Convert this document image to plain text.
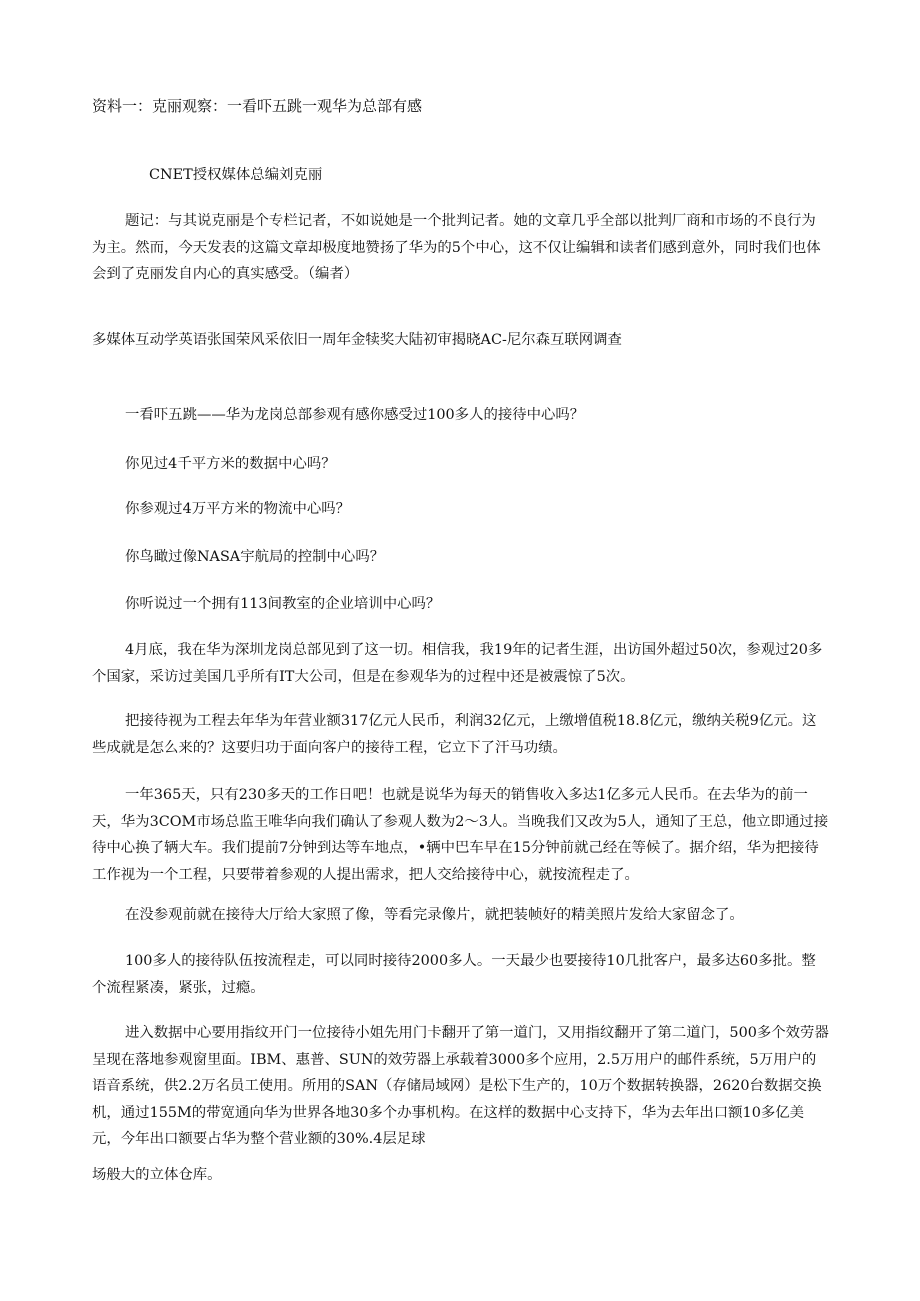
资料一：克丽观察：一看吓五跳一观华为总部有感

CNET授权媒体总编刘克丽

题记：与其说克丽是个专栏记者，不如说她是一个批判记者。她的文章几乎全部以批判厂商和市场的不良行为为主。然而，今天发表的这篇文章却极度地赞扬了华为的5个中心，这不仅让编辑和读者们感到意外，同时我们也体会到了克丽发自内心的真实感受。（编者）

多媒体互动学英语张国荣风采依旧一周年金犊奖大陆初审揭晓AC-尼尔森互联网调查

一看吓五跳——华为龙岗总部参观有感你感受过100多人的接待中心吗？

你见过4千平方米的数据中心吗？

你参观过4万平方米的物流中心吗？

你鸟瞰过像NASA宇航局的控制中心吗？

你听说过一个拥有113间教室的企业培训中心吗？

4月底，我在华为深圳龙岗总部见到了这一切。相信我，我19年的记者生涯，出访国外超过50次，参观过20多个国家，采访过美国几乎所有IT大公司，但是在参观华为的过程中还是被震惊了5次。

把接待视为工程去年华为年营业额317亿元人民币，利润32亿元，上缴增值税18.8亿元，缴纳关税9亿元。这些成就是怎么来的？这要归功于面向客户的接待工程，它立下了汗马功绩。

一年365天，只有230多天的工作日吧！也就是说华为每天的销售收入多达1亿多元人民币。在去华为的前一天，华为3COM市场总监王唯华向我们确认了参观人数为2～3人。当晚我们又改为5人，通知了王总，他立即通过接待中心换了辆大车。我们提前7分钟到达等车地点，•辆中巴车早在15分钟前就己经在等候了。据介绍，华为把接待工作视为一个工程，只要带着参观的人提出需求，把人交给接待中心，就按流程走了。

在没参观前就在接待大厅给大家照了像，等看完录像片，就把装帧好的精美照片发给大家留念了。

100多人的接待队伍按流程走，可以同时接待2000多人。一天最少也要接待10几批客户，最多达60多批。整个流程紧凑，紧张，过瘾。

进入数据中心要用指纹开门一位接待小姐先用门卡翻开了第一道门，又用指纹翻开了第二道门，500多个效劳器呈现在落地参观窗里面。IBM、惠普、SUN的效劳器上承载着3000多个应用，2.5万用户的邮件系统，5万用户的语音系统，供2.2万名员工使用。所用的SAN（存储局域网）是松下生产的，10万个数据转换器，2620台数据交换机，通过155M的带宽通向华为世界各地30多个办事机构。在这样的数据中心支持下，华为去年出口额10多亿美元，今年出口额要占华为整个营业额的30%.4层足球

场般大的立体仓库。
